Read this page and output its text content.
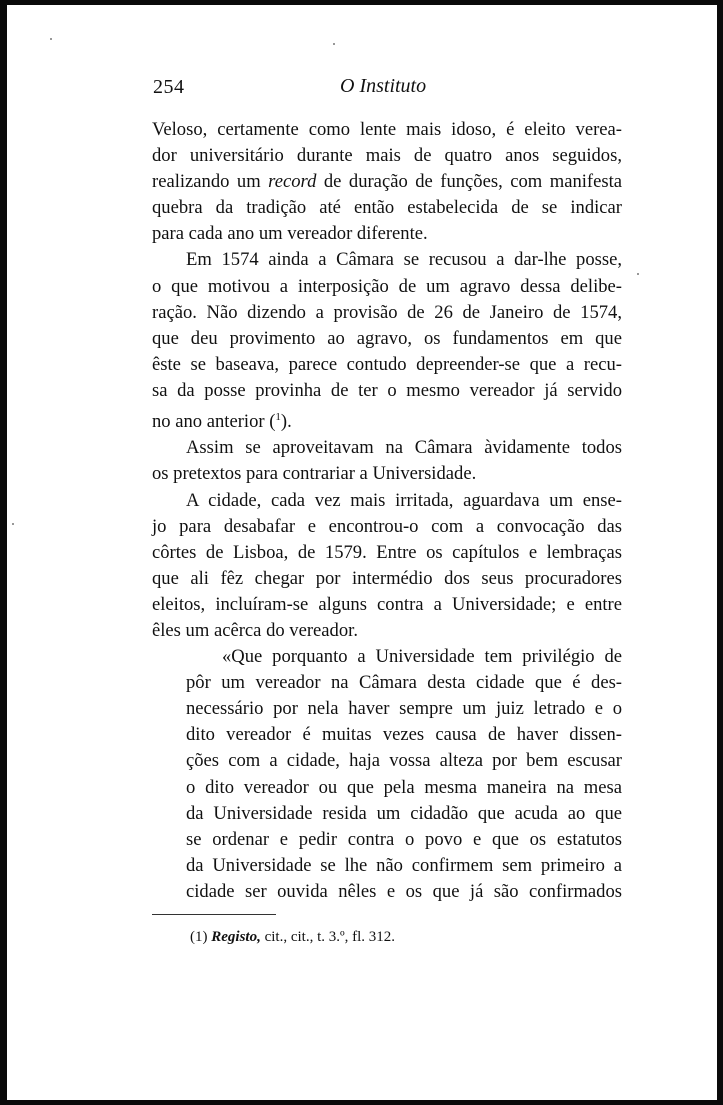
254	O Instituto

Veloso, certamente como lente mais idoso, é eleito verea-
dor universitário durante mais de quatro anos seguidos,
realizando um record de duração de funções, com manifesta
quebra da tradição até então estabelecida de se indicar
para cada ano um vereador diferente.

Em 1574 ainda a Câmara se recusou a dar-lhe posse,
o que motivou a interposição de um agravo dessa delibe-
ração. Não dizendo a provisão de 26 de Janeiro de 1574,
que deu provimento ao agravo, os fundamentos em que
êste se baseava, parece contudo depreender-se que a recu-
sa da posse provinha de ter o mesmo vereador já servido
no ano anterior ($^1$).

Assim se aproveitavam na Câmara àvidamente todos
os pretextos para contrariar a Universidade.

A cidade, cada vez mais irritada, aguardava um ense-
jo para desabafar e encontrou-o com a convocação das
côrtes de Lisboa, de 1579. Entre os capítulos e lembraças
que ali fêz chegar por intermédio dos seus procuradores
eleitos, incluíram-se alguns contra a Universidade; e entre
êles um acêrca do vereador.

«Que porquanto a Universidade tem privilégio de
pôr um vereador na Câmara desta cidade que é des-
necessário por nela haver sempre um juiz letrado e o
dito vereador é muitas vezes causa de haver dissen-
ções com a cidade, haja vossa alteza por bem escusar
o dito vereador ou que pela mesma maneira na mesa
da Universidade resida um cidadão que acuda ao que
se ordenar e pedir contra o povo e que os estatutos
da Universidade se lhe não confirmem sem primeiro a
cidade ser ouvida nêles e os que já são confirmados

(1) Registo, cit., cit., t. 3.º, fl. 312.
